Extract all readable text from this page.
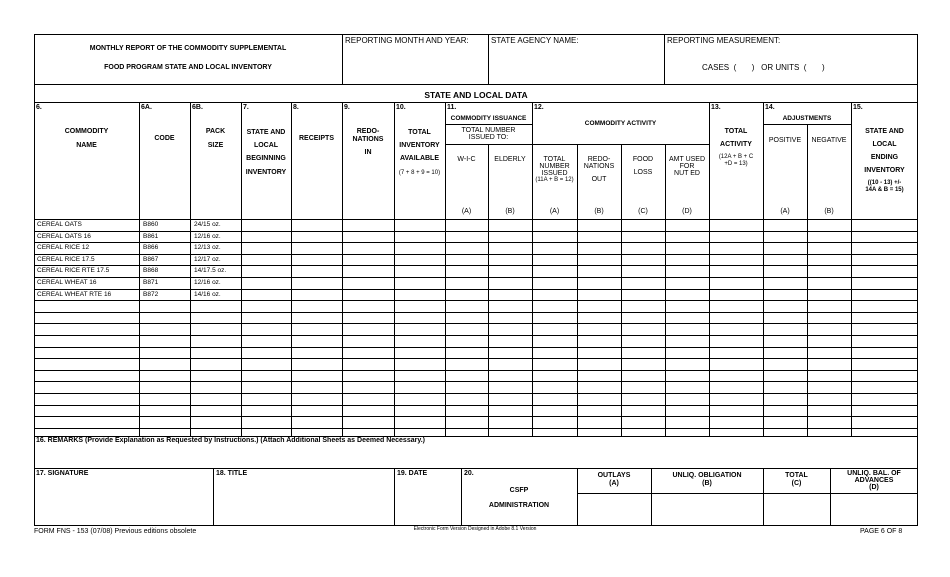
MONTHLY REPORT OF THE COMMODITY SUPPLEMENTAL
FOOD PROGRAM STATE AND LOCAL INVENTORY
REPORTING MONTH AND YEAR:	STATE AGENCY NAME:	REPORTING MEASUREMENT:
CASES  (       )   OR UNITS  (       )
STATE AND LOCAL DATA
6.
COMMODITY
NAME
6A.
CODE
6B.
PACK
SIZE
7.
STATE AND
LOCAL
BEGINNING
INVENTORY
8.
RECEIPTS
9.
REDO-
NATIONS
IN
10.
TOTAL
INVENTORY
AVAILABLE
(7 + 8 + 9 = 10)
11.
COMMODITY ISSUANCE
TOTAL NUMBER
ISSUED TO:
W-I-C	ELDERLY
12.
COMMODITY ACTIVITY
TOTAL
NUMBER
ISSUED
(11A + B = 12)
REDO-
NATIONS
OUT
FOOD
LOSS
AMT USED
FOR
NUT ED
13.
TOTAL
ACTIVITY
(12A + B + C
+D = 13)
14.
ADJUSTMENTS
POSITIVE	NEGATIVE
15.
STATE AND
LOCAL
ENDING
INVENTORY
((10 - 13) +/-
14A & B = 15)
(A)	(B)	(A)	(B)	(C)	(D)	(A)	(B)
CEREAL OATS	B860	24/15 oz.
CEREAL OATS 16	B861	12/16 oz.
CEREAL RICE 12	B866	12/13 oz.
CEREAL RICE 17.5	B867	12/17 oz.
CEREAL RICE RTE 17.5	B868	14/17.5 oz.
CEREAL WHEAT 16	B871	12/16 oz.
CEREAL WHEAT RTE 16	B872	14/16 oz.
16. REMARKS (Provide Explanation as Requested by Instructions.) (Attach Additional Sheets as Deemed Necessary.)
17. SIGNATURE	18. TITLE	19. DATE	20.
CSFP
ADMINISTRATION
OUTLAYS
(A)
UNLIQ. OBLIGATION
(B)
TOTAL
(C)
UNLIQ. BAL. OF
ADVANCES
(D)
FORM FNS - 153 (07/08) Previous editions obsolete	Electronic Form Version Designed in Adobe 8.1 Version	PAGE 6 OF 8
